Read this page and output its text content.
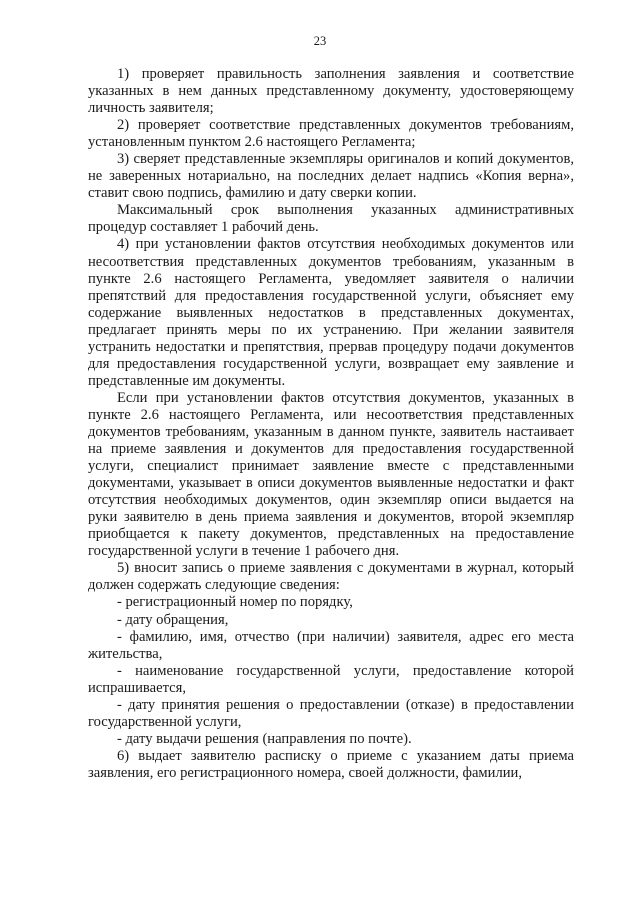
23

1) проверяет правильность заполнения заявления и соответствие указанных в нем данных представленному документу, удостоверяющему личность заявителя;

2) проверяет соответствие представленных документов требованиям, установленным пунктом 2.6 настоящего Регламента;

3) сверяет представленные экземпляры оригиналов и копий документов, не заверенных нотариально, на последних делает надпись «Копия верна», ставит свою подпись, фамилию и дату сверки копии.

Максимальный срок выполнения указанных административных процедур составляет 1 рабочий день.

4) при установлении фактов отсутствия необходимых документов или несоответствия представленных документов требованиям, указанным в пункте 2.6 настоящего Регламента, уведомляет заявителя о наличии препятствий для предоставления государственной услуги, объясняет ему содержание выявленных недостатков в представленных документах, предлагает принять меры по их устранению. При желании заявителя устранить недостатки и препятствия, прервав процедуру подачи документов для предоставления государственной услуги, возвращает ему заявление и представленные им документы.

Если при установлении фактов отсутствия документов, указанных в пункте 2.6 настоящего Регламента, или несоответствия представленных документов требованиям, указанным в данном пункте, заявитель настаивает на приеме заявления и документов для предоставления государственной услуги, специалист принимает заявление вместе с представленными документами, указывает в описи документов выявленные недостатки и факт отсутствия необходимых документов, один экземпляр описи выдается на руки заявителю в день приема заявления и документов, второй экземпляр приобщается к пакету документов, представленных на предоставление государственной услуги в течение 1 рабочего дня.

5) вносит запись о приеме заявления с документами в журнал, который должен содержать следующие сведения:

- регистрационный номер по порядку,

- дату обращения,

- фамилию, имя, отчество (при наличии) заявителя, адрес его места жительства,

- наименование государственной услуги, предоставление которой испрашивается,

- дату принятия решения о предоставлении (отказе) в предоставлении государственной услуги,

- дату выдачи решения (направления по почте).

6) выдает заявителю расписку о приеме с указанием даты приема заявления, его регистрационного номера, своей должности, фамилии,
